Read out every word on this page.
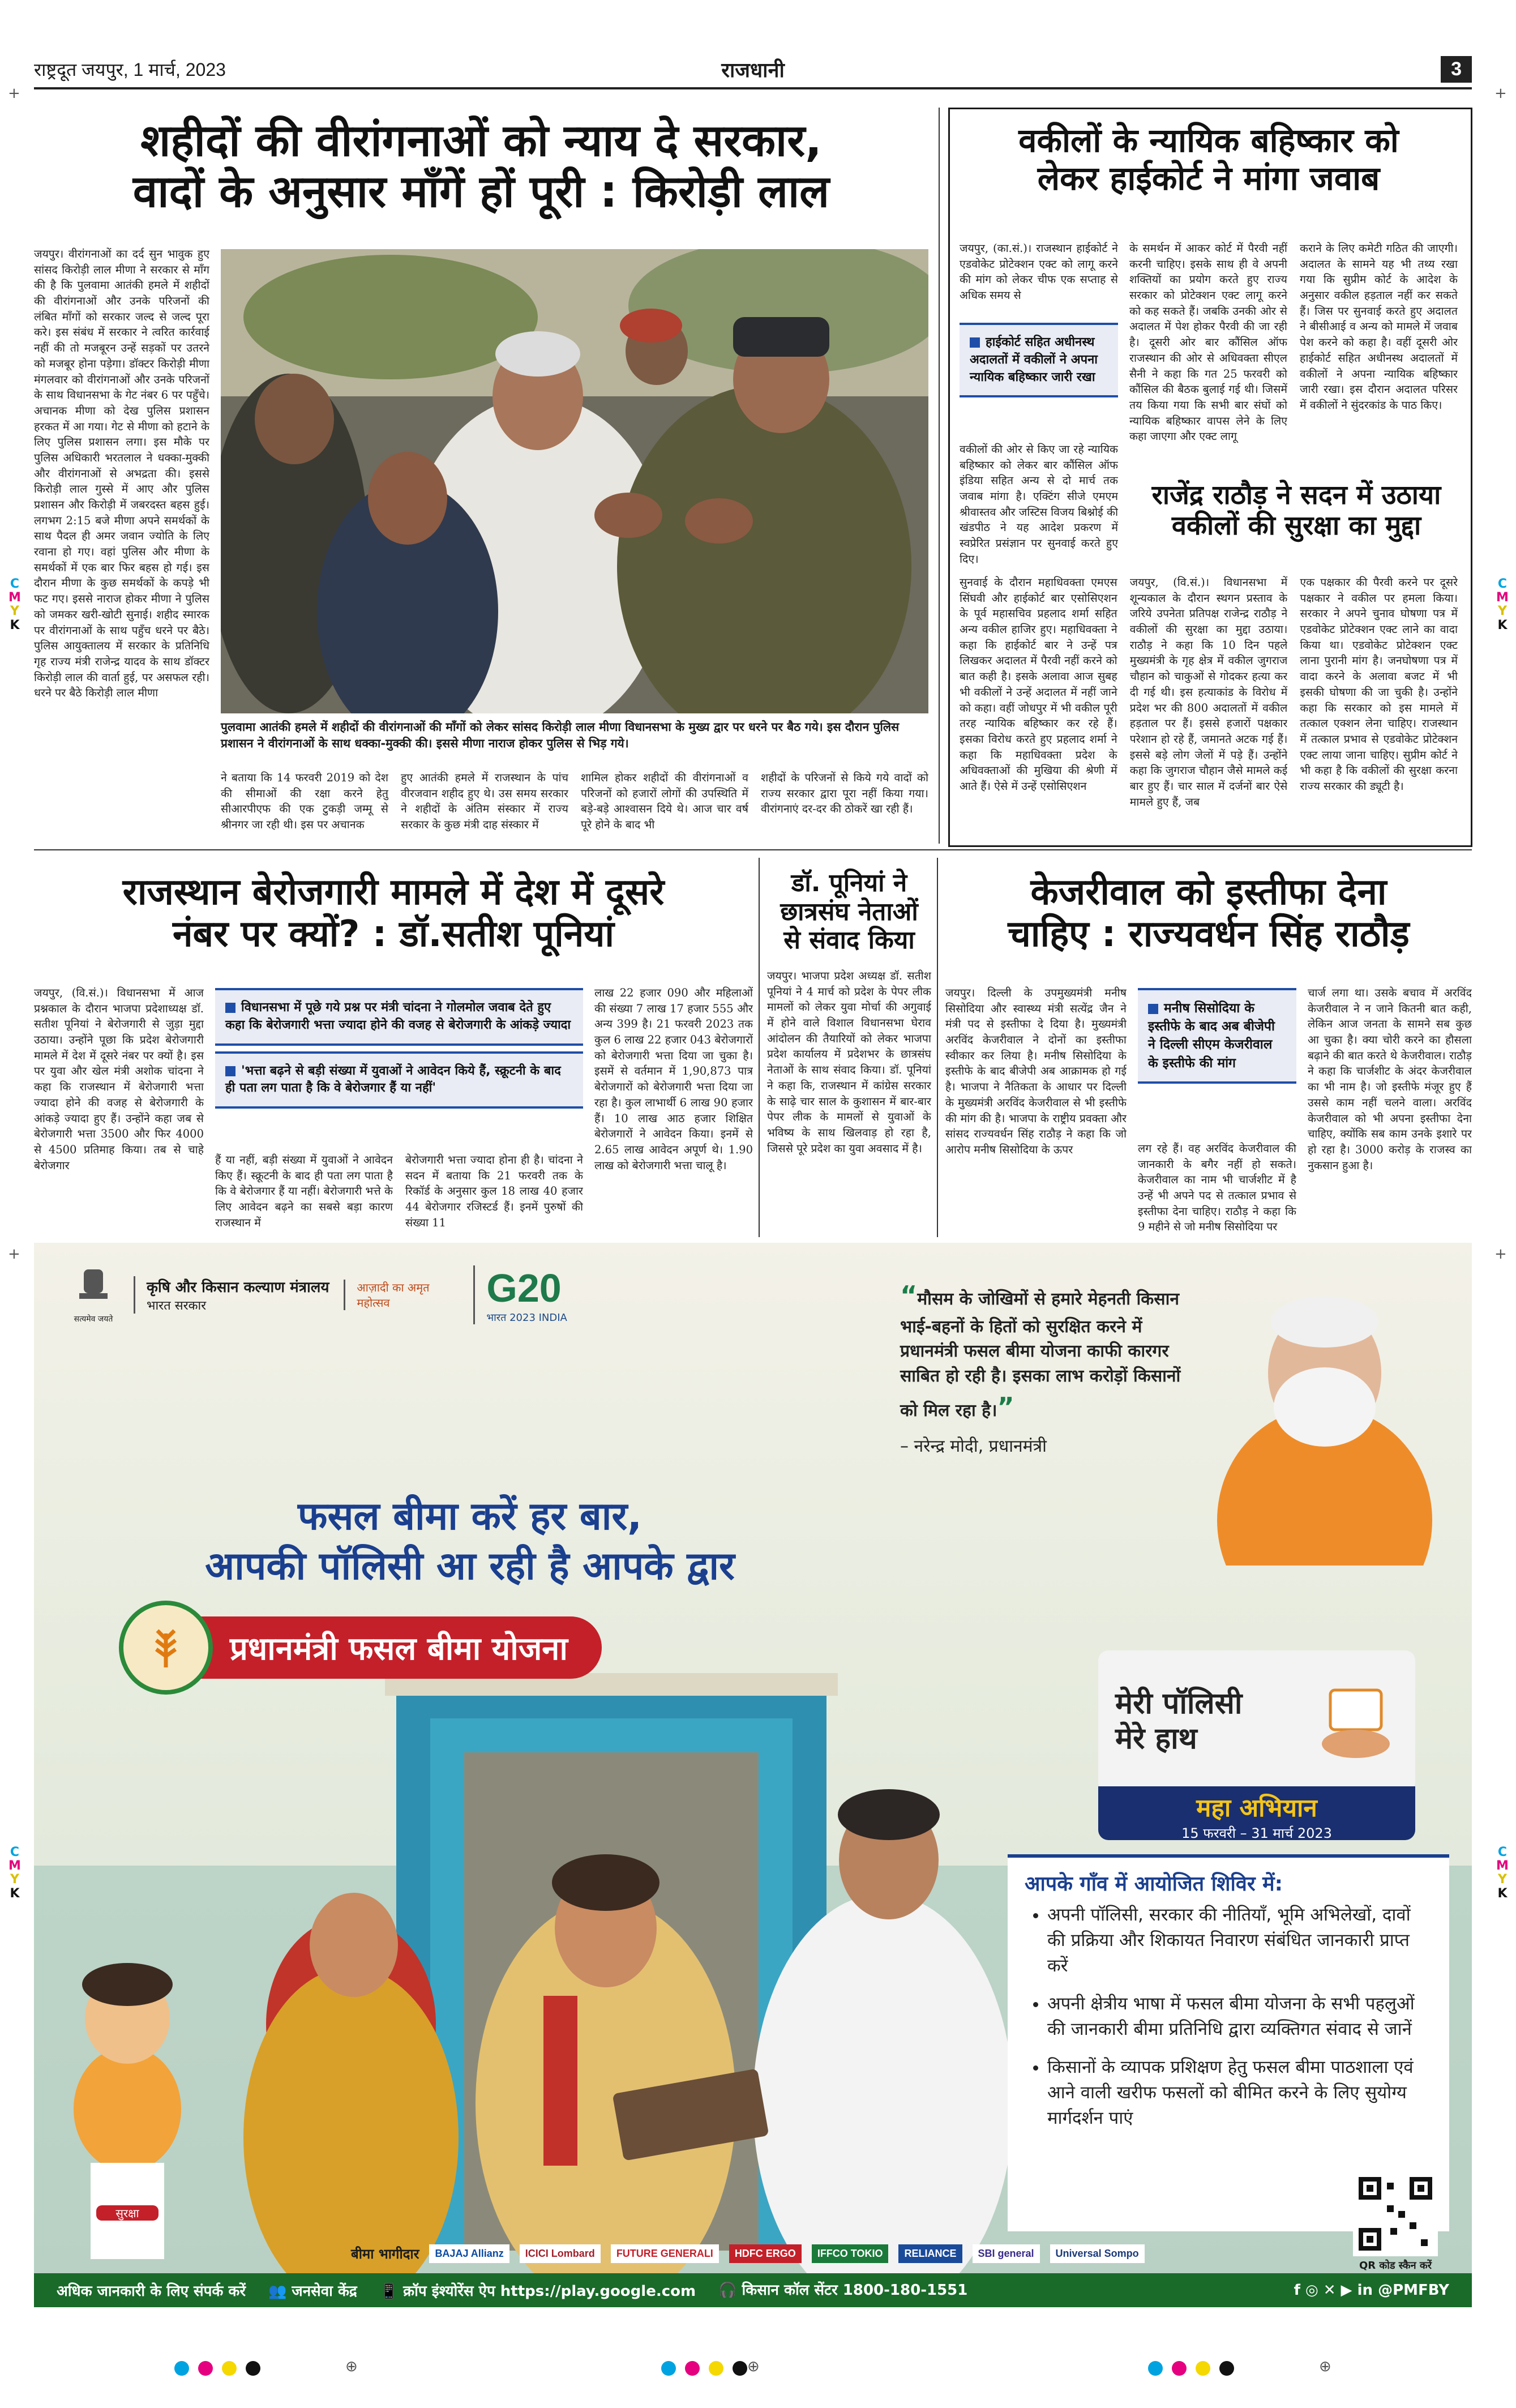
राष्ट्रदूत जयपुर, 1 मार्च, 2023	राजधानी	3
+	+
+	+
C
M
Y
K
C
M
Y
K
C
M
Y
K
C
M
Y
K
शहीदों की वीरांगनाओं को न्याय दे सरकार,
वादों के अनुसार माँगें हों पूरी : किरोड़ी लाल
जयपुर। वीरांगनाओं का दर्द सुन भावुक हुए सांसद किरोड़ी लाल मीणा ने सरकार से माँग की है कि पुलवामा आतंकी हमले में शहीदों की वीरांगनाओं और उनके परिजनों की लंबित माँगों को सरकार जल्द से जल्द पूरा करे। इस संबंध में सरकार ने त्वरित कार्रवाई नहीं की तो मजबूरन उन्हें सड़कों पर उतरने को मजबूर होना पड़ेगा। डॉक्टर किरोड़ी मीणा मंगलवार को वीरांगनाओं और उनके परिजनों के साथ विधानसभा के गेट नंबर 6 पर पहुँचे। अचानक मीणा को देख पुलिस प्रशासन हरकत में आ गया। गेट से मीणा को हटाने के लिए पुलिस प्रशासन लगा। इस मौके पर पुलिस अधिकारी भरतलाल ने धक्का-मुक्की और वीरांगनाओं से अभद्रता की। इससे किरोड़ी लाल गुस्से में आए और पुलिस प्रशासन और किरोड़ी में जबरदस्त बहस हुई। लगभग 2:15 बजे मीणा अपने समर्थकों के साथ पैदल ही अमर जवान ज्योति के लिए रवाना हो गए। वहां पुलिस और मीणा के समर्थकों में एक बार फिर बहस हो गई। इस दौरान मीणा के कुछ समर्थकों के कपड़े भी फट गए। इससे नाराज होकर मीणा ने पुलिस को जमकर खरी-खोटी सुनाई। शहीद स्मारक पर वीरांगनाओं के साथ पहुँच धरने पर बैठे। पुलिस आयुक्तालय में सरकार के प्रतिनिधि गृह राज्य मंत्री राजेन्द्र यादव के साथ डॉक्टर किरोड़ी लाल की वार्ता हुई, पर असफल रही। धरने पर बैठे किरोड़ी लाल मीणा
पुलवामा आतंकी हमले में शहीदों की वीरांगनाओं की माँगों को लेकर सांसद किरोड़ी लाल मीणा विधानसभा के मुख्य द्वार पर धरने पर बैठ गये। इस दौरान पुलिस प्रशासन ने वीरांगनाओं के साथ धक्का-मुक्की की। इससे मीणा नाराज होकर पुलिस से भिड़ गये।
ने बताया कि 14 फरवरी 2019 को देश की सीमाओं की रक्षा करने हेतु सीआरपीएफ की एक टुकड़ी जम्मू से श्रीनगर जा रही थी। इस पर अचानक
हुए आतंकी हमले में राजस्थान के पांच वीरजवान शहीद हुए थे। उस समय सरकार ने शहीदों के अंतिम संस्कार में राज्य सरकार के कुछ मंत्री दाह संस्कार में
शामिल होकर शहीदों की वीरांगनाओं व परिजनों को हजारों लोगों की उपस्थिति में बड़े-बड़े आश्वासन दिये थे। आज चार वर्ष पूरे होने के बाद भी
शहीदों के परिजनों से किये गये वादों को राज्य सरकार द्वारा पूरा नहीं किया गया। वीरांगनाएं दर-दर की ठोकरें खा रही हैं।
वकीलों के न्यायिक बहिष्कार को
लेकर हाईकोर्ट ने मांगा जवाब
जयपुर, (का.सं.)। राजस्थान हाईकोर्ट ने एडवोकेट प्रोटेक्शन एक्ट को लागू करने की मांग को लेकर चीफ एक सप्ताह से अधिक समय से
हाईकोर्ट सहित अधीनस्थ अदालतों में वकीलों ने अपना न्यायिक बहिष्कार जारी रखा
वकीलों की ओर से किए जा रहे न्यायिक बहिष्कार को लेकर बार कौंसिल ऑफ इंडिया सहित अन्य से दो मार्च तक जवाब मांगा है। एक्टिंग सीजे एमएम श्रीवास्तव और जस्टिस विजय बिश्नोई की खंडपीठ ने यह आदेश प्रकरण में स्वप्रेरित प्रसंज्ञान पर सुनवाई करते हुए दिए।
के समर्थन में आकर कोर्ट में पैरवी नहीं करनी चाहिए। इसके साथ ही वे अपनी शक्तियों का प्रयोग करते हुए राज्य सरकार को प्रोटेक्शन एक्ट लागू करने को कह सकते हैं। जबकि उनकी ओर से अदालत में पेश होकर पैरवी की जा रही है। दूसरी ओर बार कौंसिल ऑफ राजस्थान की ओर से अधिवक्ता सीएल सैनी ने कहा कि गत 25 फरवरी को कौंसिल की बैठक बुलाई गई थी। जिसमें तय किया गया कि सभी बार संघों को न्यायिक बहिष्कार वापस लेने के लिए कहा जाएगा और एक्ट लागू
कराने के लिए कमेटी गठित की जाएगी। अदालत के सामने यह भी तथ्य रखा गया कि सुप्रीम कोर्ट के आदेश के अनुसार वकील हड़ताल नहीं कर सकते हैं। जिस पर सुनवाई करते हुए अदालत ने बीसीआई व अन्य को मामले में जवाब पेश करने को कहा है। वहीं दूसरी ओर हाईकोर्ट सहित अधीनस्थ अदालतों में वकीलों ने अपना न्यायिक बहिष्कार जारी रखा। इस दौरान अदालत परिसर में वकीलों ने सुंदरकांड के पाठ किए।
राजेंद्र राठौड़ ने सदन में उठाया
वकीलों की सुरक्षा का मुद्दा
सुनवाई के दौरान महाधिवक्ता एमएस सिंघवी और हाईकोर्ट बार एसोसिएशन के पूर्व महासचिव प्रहलाद शर्मा सहित अन्य वकील हाजिर हुए। महाधिवक्ता ने कहा कि हाईकोर्ट बार ने उन्हें पत्र लिखकर अदालत में पैरवी नहीं करने को बात कही है। इसके अलावा आज सुबह भी वकीलों ने उन्हें अदालत में नहीं जाने को कहा। वहीं जोधपुर में भी वकील पूरी तरह न्यायिक बहिष्कार कर रहे हैं। इसका विरोध करते हुए प्रहलाद शर्मा ने कहा कि महाधिवक्ता प्रदेश के अधिवक्ताओं की मुखिया की श्रेणी में आते हैं। ऐसे में उन्हें एसोसिएशन
जयपुर, (वि.सं.)। विधानसभा में शून्यकाल के दौरान स्थगन प्रस्ताव के जरिये उपनेता प्रतिपक्ष राजेन्द्र राठौड़ ने वकीलों की सुरक्षा का मुद्दा उठाया। राठौड़ ने कहा कि 10 दिन पहले मुख्यमंत्री के गृह क्षेत्र में वकील जुगराज चौहान को चाकुओं से गोदकर हत्या कर दी गई थी। इस हत्याकांड के विरोध में प्रदेश भर की 800 अदालतों में वकील हड़ताल पर हैं। इससे हजारों पक्षकार परेशान हो रहे हैं, जमानते अटक गई हैं। इससे बड़े लोग जेलों में पड़े हैं। उन्होंने कहा कि जुगराज चौहान जैसे मामले कई बार हुए हैं। चार साल में दर्जनों बार ऐसे मामले हुए हैं, जब
एक पक्षकार की पैरवी करने पर दूसरे पक्षकार ने वकील पर हमला किया। सरकार ने अपने चुनाव घोषणा पत्र में एडवोकेट प्रोटेक्शन एक्ट लाने का वादा किया था। एडवोकेट प्रोटेक्शन एक्ट लाना पुरानी मांग है। जनघोषणा पत्र में वादा करने के अलावा बजट में भी इसकी घोषणा की जा चुकी है। उन्होंने कहा कि सरकार को इस मामले में तत्काल एक्शन लेना चाहिए। राजस्थान में तत्काल प्रभाव से एडवोकेट प्रोटेक्शन एक्ट लाया जाना चाहिए। सुप्रीम कोर्ट ने भी कहा है कि वकीलों की सुरक्षा करना राज्य सरकार की ड्यूटी है।
राजस्थान बेरोजगारी मामले में देश में दूसरे
नंबर पर क्यों? : डॉ.सतीश पूनियां
जयपुर, (वि.सं.)। विधानसभा में आज प्रश्नकाल के दौरान भाजपा प्रदेशाध्यक्ष डॉ. सतीश पूनियां ने बेरोजगारी से जुड़ा मुद्दा उठाया। उन्होंने पूछा कि प्रदेश बेरोजगारी मामले में देश में दूसरे नंबर पर क्यों है। इस पर युवा और खेल मंत्री अशोक चांदना ने कहा कि राजस्थान में बेरोजगारी भत्ता ज्यादा होने की वजह से बेरोजगारी के आंकड़े ज्यादा हुए हैं। उन्होंने कहा जब से बेरोजगारी भत्ता 3500 और फिर 4000 से 4500 प्रतिमाह किया। तब से चाहे बेरोजगार
विधानसभा में पूछे गये प्रश्न पर मंत्री चांदना ने गोलमोल जवाब देते हुए कहा कि बेरोजगारी भत्ता ज्यादा होने की वजह से बेरोजगारी के आंकड़े ज्यादा
'भत्ता बढ़ने से बड़ी संख्या में युवाओं ने आवेदन किये हैं, स्क्रूटनी के बाद ही पता लग पाता है कि वे बेरोजगार हैं या नहीं'
हैं या नहीं, बड़ी संख्या में युवाओं ने आवेदन किए हैं। स्क्रूटनी के बाद ही पता लग पाता है कि वे बेरोजगार हैं या नहीं। बेरोजगारी भत्ते के लिए आवेदन बढ़ने का सबसे बड़ा कारण राजस्थान में
बेरोजगारी भत्ता ज्यादा होना ही है। चांदना ने सदन में बताया कि 21 फरवरी तक के रिकॉर्ड के अनुसार कुल 18 लाख 40 हजार 44 बेरोजगार रजिस्टर्ड हैं। इनमें पुरुषों की संख्या 11
लाख 22 हजार 090 और महिलाओं की संख्या 7 लाख 17 हजार 555 और अन्य 399 है। 21 फरवरी 2023 तक कुल 6 लाख 22 हजार 043 बेरोजगारों को बेरोजगारी भत्ता दिया जा चुका है। इसमें से वर्तमान में 1,90,873 पात्र बेरोजगारों को बेरोजगारी भत्ता दिया जा रहा है। कुल लाभार्थी 6 लाख 90 हजार हैं। 10 लाख आठ हजार शिक्षित बेरोजगारों ने आवेदन किया। इनमें से 2.65 लाख आवेदन अपूर्ण थे। 1.90 लाख को बेरोजगारी भत्ता चालू है।
डॉ. पूनियां ने
छात्रसंघ नेताओं
से संवाद किया
जयपुर। भाजपा प्रदेश अध्यक्ष डॉ. सतीश पूनियां ने 4 मार्च को प्रदेश के पेपर लीक मामलों को लेकर युवा मोर्चा की अगुवाई में होने वाले विशाल विधानसभा घेराव आंदोलन की तैयारियों को लेकर भाजपा प्रदेश कार्यालय में प्रदेशभर के छात्रसंघ नेताओं के साथ संवाद किया। डॉ. पूनियां ने कहा कि, राजस्थान में कांग्रेस सरकार के साढ़े चार साल के कुशासन में बार-बार पेपर लीक के मामलों से युवाओं के भविष्य के साथ खिलवाड़ हो रहा है, जिससे पूरे प्रदेश का युवा अवसाद में है।
केजरीवाल को इस्तीफा देना
चाहिए : राज्यवर्धन सिंह राठौड़
जयपुर। दिल्ली के उपमुख्यमंत्री मनीष सिसोदिया और स्वास्थ्य मंत्री सत्येंद्र जैन ने मंत्री पद से इस्तीफा दे दिया है। मुख्यमंत्री अरविंद केजरीवाल ने दोनों का इस्तीफा स्वीकार कर लिया है। मनीष सिसोदिया के इस्तीफे के बाद बीजेपी अब आक्रामक हो गई है। भाजपा ने नैतिकता के आधार पर दिल्ली के मुख्यमंत्री अरविंद केजरीवाल से भी इस्तीफे की मांग की है। भाजपा के राष्ट्रीय प्रवक्ता और सांसद राज्यवर्धन सिंह राठौड़ ने कहा कि जो आरोप मनीष सिसोदिया के ऊपर
मनीष सिसोदिया के इस्तीफे के बाद अब बीजेपी ने दिल्ली सीएम केजरीवाल के इस्तीफे की मांग
लग रहे हैं। वह अरविंद केजरीवाल की जानकारी के बगैर नहीं हो सकते। केजरीवाल का नाम भी चार्जशीट में है उन्हें भी अपने पद से तत्काल प्रभाव से इस्तीफा देना चाहिए। राठौड़ ने कहा कि 9 महीने से जो मनीष सिसोदिया पर
चार्ज लगा था। उसके बचाव में अरविंद केजरीवाल ने न जाने कितनी बात कही, लेकिन आज जनता के सामने सब कुछ आ चुका है। क्या चोरी करने का हौसला बढ़ाने की बात करते थे केजरीवाल। राठौड़ ने कहा कि चार्जशीट के अंदर केजरीवाल का भी नाम है। जो इस्तीफे मंजूर हुए हैं उससे काम नहीं चलने वाला। अरविंद केजरीवाल को भी अपना इस्तीफा देना चाहिए, क्योंकि सब काम उनके इशारे पर हो रहा है। 3000 करोड़ के राजस्व का नुकसान हुआ है।
सत्यमेव जयते
कृषि और किसान कल्याण मंत्रालय
भारत सरकार
आज़ादी का अमृत महोत्सव	G20
भारत 2023 INDIA
“मौसम के जोखिमों से हमारे मेहनती किसान भाई-बहनों के हितों को सुरक्षित करने में प्रधानमंत्री फसल बीमा योजना काफी कारगर साबित हो रही है। इसका लाभ करोड़ों किसानों को मिल रहा है।”
– नरेन्द्र मोदी, प्रधानमंत्री
फसल बीमा करें हर बार,
आपकी पॉलिसी आ रही है आपके द्वार
प्रधानमंत्री फसल बीमा योजना
मेरी पॉलिसी
मेरे हाथ
महा अभियान
15 फरवरी – 31 मार्च 2023
आपके गाँव में आयोजित शिविर में:
• अपनी पॉलिसी, सरकार की नीतियाँ, भूमि अभिलेखों, दावों की प्रक्रिया और शिकायत निवारण संबंधित जानकारी प्राप्त करें
• अपनी क्षेत्रीय भाषा में फसल बीमा योजना के सभी पहलुओं की जानकारी बीमा प्रतिनिधि द्वारा व्यक्तिगत संवाद से जानें
• किसानों के व्यापक प्रशिक्षण हेतु फसल बीमा पाठशाला एवं आने वाली खरीफ फसलों को बीमित करने के लिए सुयोग्य मार्गदर्शन पाएं
सुरक्षा
बीमा भागीदार	BAJAJ Allianz	ICICI Lombard	FUTURE GENERALI	HDFC ERGO	IFFCO TOKIO	RELIANCE	SBI general	Universal Sompo
QR कोड स्कैन करें
अधिक जानकारी के लिए संपर्क करें 👥 जनसेवा केंद्र 📱 क्रॉप इंश्योरेंस ऐप https://play.google.com 🎧 किसान कॉल सेंटर 1800-180-1551	f ◎ ✕ ▶ in @PMFBY
⊕	⊕	⊕
